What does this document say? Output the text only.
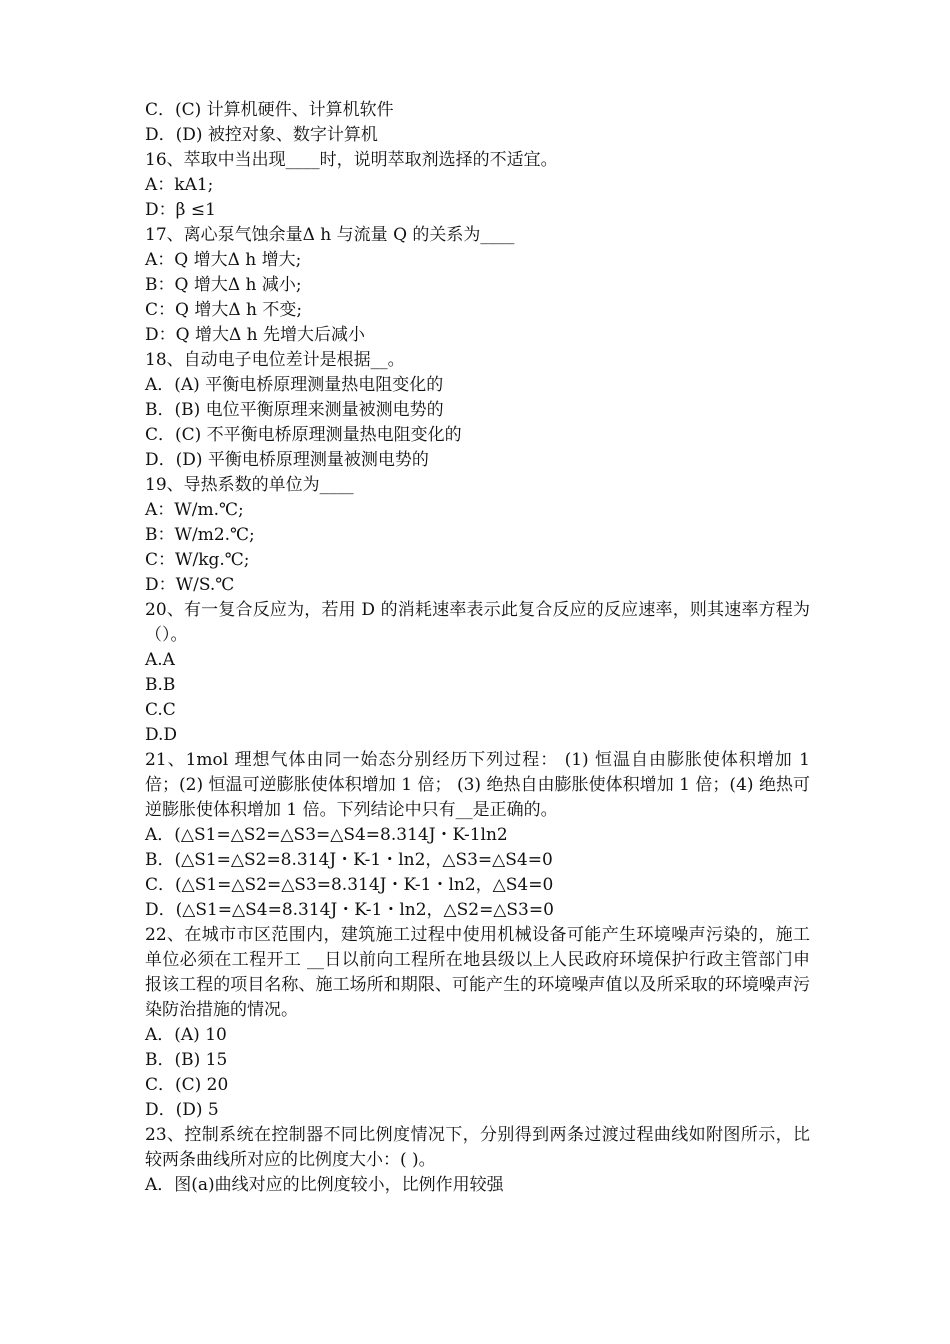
C．(C) 计算机硬件、计算机软件

D．(D) 被控对象、数字计算机

16、萃取中当出现____时，说明萃取剂选择的不适宜。

A：kA1;

D：β ≤1

17、离心泵气蚀余量Δ h 与流量 Q 的关系为____

A：Q 增大Δ h 增大;

B：Q 增大Δ h 减小;

C：Q 增大Δ h 不变;

D：Q 增大Δ h 先增大后减小

18、自动电子电位差计是根据__。

A．(A) 平衡电桥原理测量热电阻变化的

B．(B) 电位平衡原理来测量被测电势的

C．(C) 不平衡电桥原理测量热电阻变化的

D．(D) 平衡电桥原理测量被测电势的

19、导热系数的单位为____

A：W/m.℃;

B：W/m2.℃;

C：W/kg.℃;

D：W/S.℃

20、有一复合反应为，若用 D 的消耗速率表示此复合反应的反应速率，则其速率方程为（）。

A.A

B.B

C.C

D.D

21、1mol 理想气体由同一始态分别经历下列过程： (1) 恒温自由膨胀使体积增加 1 倍；(2) 恒温可逆膨胀使体积增加 1 倍； (3) 绝热自由膨胀使体积增加 1 倍；(4) 绝热可逆膨胀使体积增加 1 倍。下列结论中只有__是正确的。

A．(△S1=△S2=△S3=△S4=8.314J・K-1ln2

B．(△S1=△S2=8.314J・K-1・ln2，△S3=△S4=0

C．(△S1=△S2=△S3=8.314J・K-1・ln2，△S4=0

D．(△S1=△S4=8.314J・K-1・ln2，△S2=△S3=0

22、在城市市区范围内，建筑施工过程中使用机械设备可能产生环境噪声污染的，施工单位必须在工程开工 __日以前向工程所在地县级以上人民政府环境保护行政主管部门申报该工程的项目名称、施工场所和期限、可能产生的环境噪声值以及所采取的环境噪声污染防治措施的情况。

A．(A) 10

B．(B) 15

C．(C) 20

D．(D) 5

23、控制系统在控制器不同比例度情况下，分别得到两条过渡过程曲线如附图所示，比较两条曲线所对应的比例度大小：( )。

A．图(a)曲线对应的比例度较小，比例作用较强
